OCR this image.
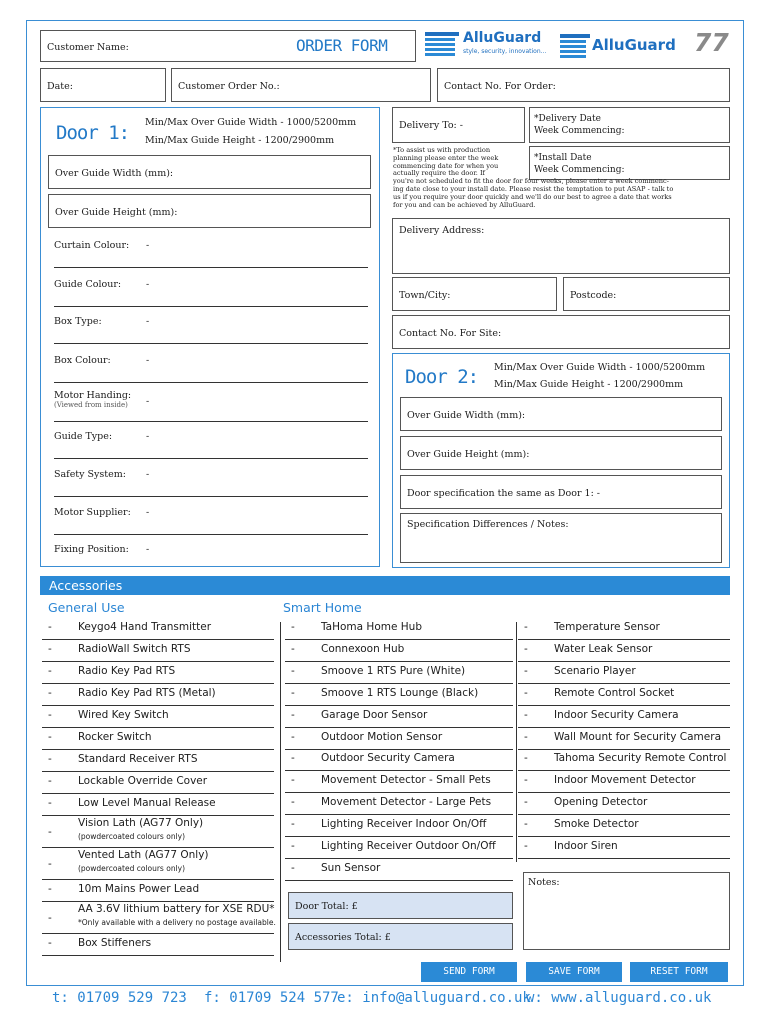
Customer Name:	ORDER FORM	AlluGuard
style, security, innovation...	AlluGuard 77
Date:	Customer Order No.:	Contact No. For Order:
Door 1: Min/Max Over Guide Width - 1000/5200mm
Min/Max Guide Height - 1200/2900mm
Over Guide Width (mm):
Over Guide Height (mm):
Curtain Colour: -
Guide Colour:	-
Box Type:	-
Box Colour:	-
Motor Handing:
-
(Viewed from inside)
Guide Type:	-
Safety System: -
Motor Supplier: -
Fixing Position: -
Delivery To: -
*Delivery Date
Week Commencing:
*Install Date
Week Commencing:
*To assist us with production
planning please enter the week
commencing date for when you
actually require the door. If
you're not scheduled to fit the door for four weeks, please enter a week commenc-
ing date close to your install date. Please resist the temptation to put ASAP - talk to
us if you require your door quickly and we'll do our best to agree a date that works
for you and can be achieved by AlluGuard.
Delivery Address:
Town/City:	Postcode:
Contact No. For Site:
Door 2: Min/Max Over Guide Width - 1000/5200mm
Min/Max Guide Height - 1200/2900mm
Over Guide Width (mm):
Over Guide Height (mm):
Door specification the same as Door 1: -
Specification Differences / Notes:
Accessories
General Use	Smart Home
- Keygo4 Hand Transmitter
- RadioWall Switch RTS
- Radio Key Pad RTS
- Radio Key Pad RTS (Metal)
- Wired Key Switch
- Rocker Switch
- Standard Receiver RTS
- Lockable Override Cover
- Low Level Manual Release
-
Vision Lath (AG77 Only)
(powdercoated colours only)
-
Vented Lath (AG77 Only)
(powdercoated colours only)
- 10m Mains Power Lead
-
AA 3.6V lithium battery for XSE RDU*
*Only available with a delivery no postage available.
- Box Stiffeners
- TaHoma Home Hub
- Connexoon Hub
- Smoove 1 RTS Pure (White)
- Smoove 1 RTS Lounge (Black)
- Garage Door Sensor
- Outdoor Motion Sensor
- Outdoor Security Camera
- Movement Detector - Small Pets
- Movement Detector - Large Pets
- Lighting Receiver Indoor On/Off
- Lighting Receiver Outdoor On/Off
- Sun Sensor
- Temperature Sensor
- Water Leak Sensor
- Scenario Player
- Remote Control Socket
- Indoor Security Camera
- Wall Mount for Security Camera
- Tahoma Security Remote Control
- Indoor Movement Detector
- Opening Detector
- Smoke Detector
- Indoor Siren
Notes:
Door Total: £
Accessories Total: £
SEND FORM	SAVE FORM	RESET FORM
t: 01709 529 723 f: 01709 524 577
e: info@alluguard.co.uk
w: www.alluguard.co.uk
